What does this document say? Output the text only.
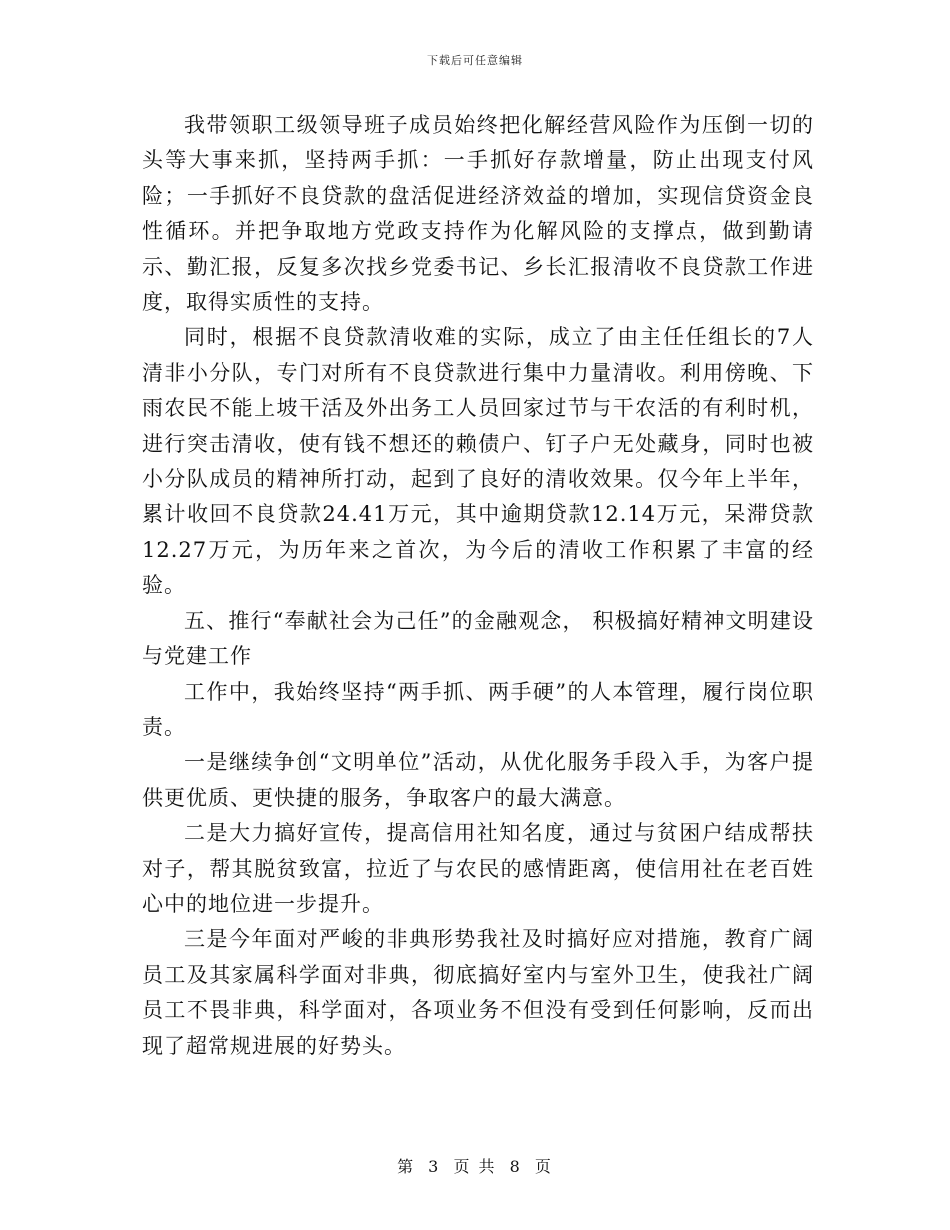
下载后可任意编辑

我带领职工级领导班子成员始终把化解经营风险作为压倒一切的头等大事来抓，坚持两手抓：一手抓好存款增量，防止出现支付风险；一手抓好不良贷款的盘活促进经济效益的增加，实现信贷资金良性循环。并把争取地方党政支持作为化解风险的支撑点，做到勤请示、勤汇报，反复多次找乡党委书记、乡长汇报清收不良贷款工作进度，取得实质性的支持。

同时，根据不良贷款清收难的实际，成立了由主任任组长的7人清非小分队，专门对所有不良贷款进行集中力量清收。利用傍晚、下雨农民不能上坡干活及外出务工人员回家过节与干农活的有利时机，进行突击清收，使有钱不想还的赖债户、钉子户无处藏身，同时也被小分队成员的精神所打动，起到了良好的清收效果。仅今年上半年，累计收回不良贷款24.41万元，其中逾期贷款12.14万元，呆滞贷款12.27万元，为历年来之首次，为今后的清收工作积累了丰富的经验。

五、推行“奉献社会为己任”的金融观念， 积极搞好精神文明建设与党建工作

工作中，我始终坚持“两手抓、两手硬”的人本管理，履行岗位职责。

一是继续争创“文明单位”活动，从优化服务手段入手，为客户提供更优质、更快捷的服务，争取客户的最大满意。

二是大力搞好宣传，提高信用社知名度，通过与贫困户结成帮扶对子，帮其脱贫致富，拉近了与农民的感情距离，使信用社在老百姓心中的地位进一步提升。

三是今年面对严峻的非典形势我社及时搞好应对措施，教育广阔员工及其家属科学面对非典，彻底搞好室内与室外卫生，使我社广阔员工不畏非典，科学面对，各项业务不但没有受到任何影响，反而出现了超常规进展的好势头。

第 3 页 共 8 页
